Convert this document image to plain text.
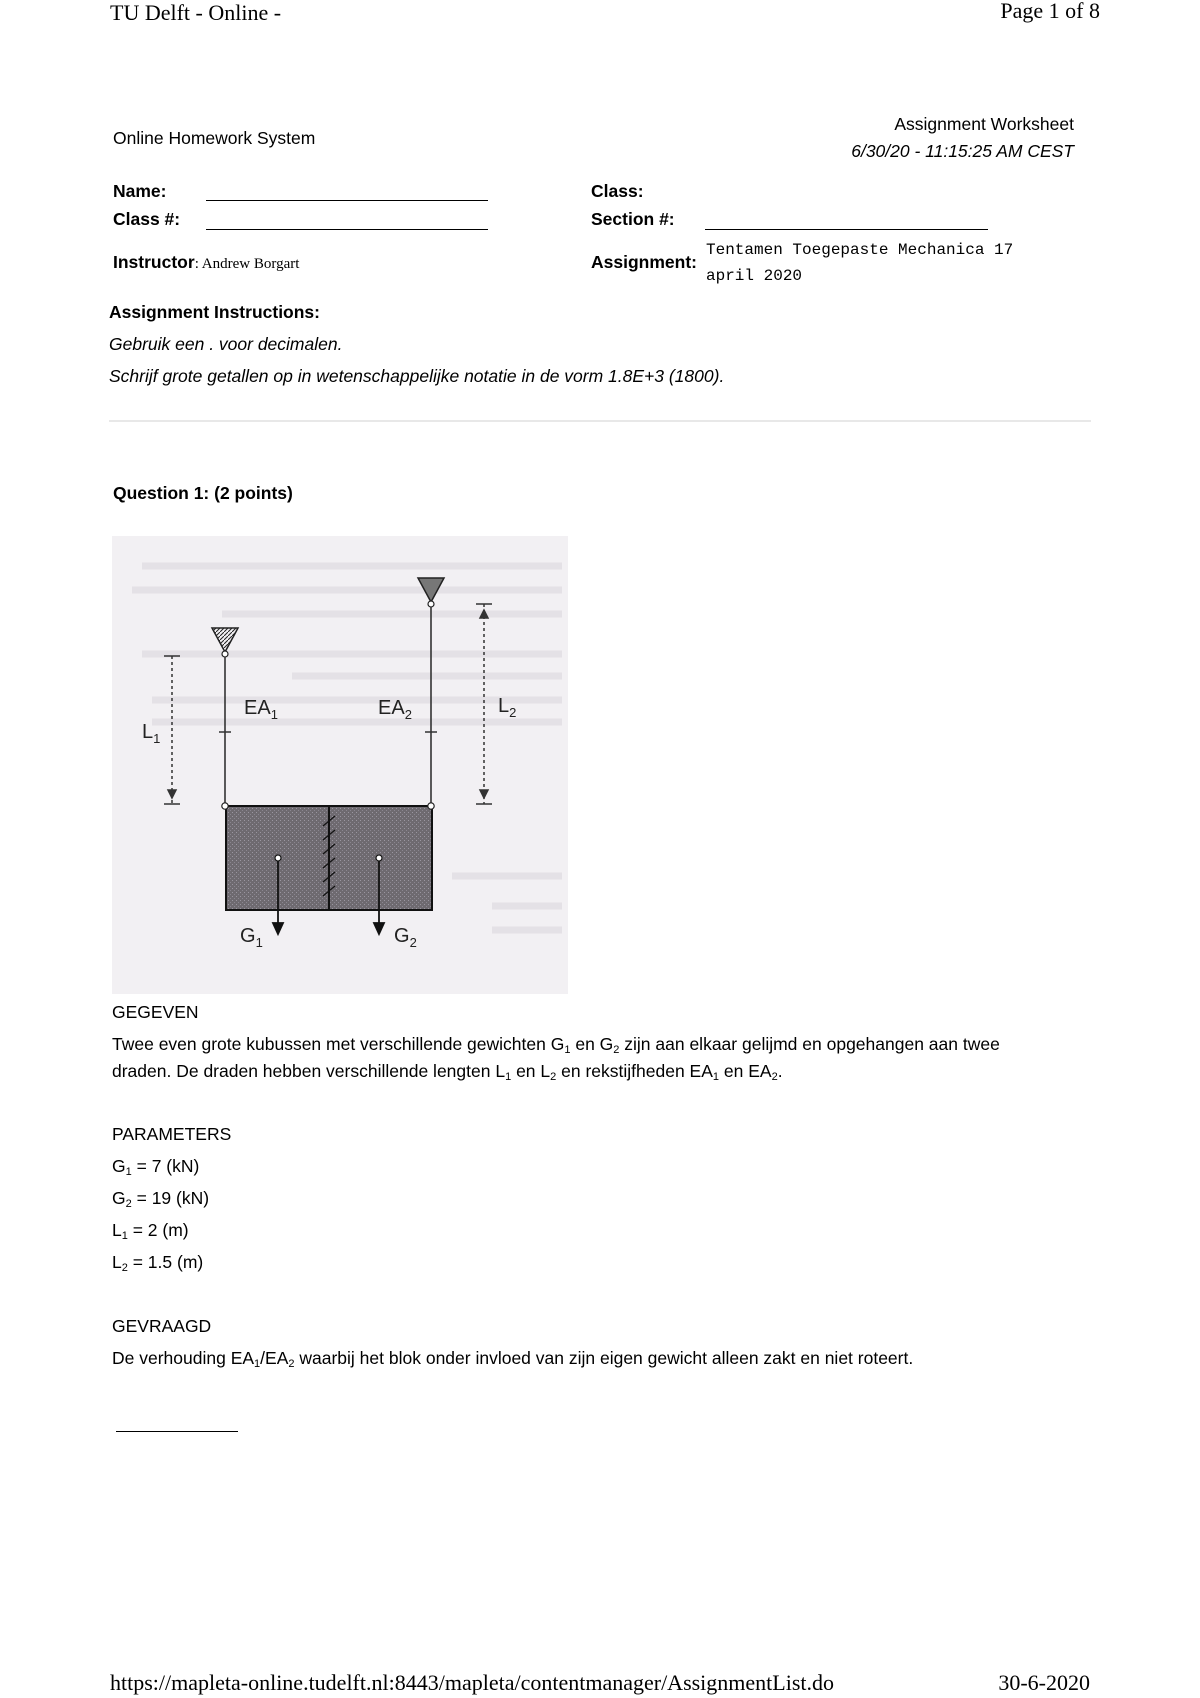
TU Delft - Online -	Page 1 of 8
Online Homework System
Assignment Worksheet
6/30/20 - 11:15:25 AM CEST
Name:
Class #:
Class:
Section #:
Instructor: Andrew Borgart	Assignment:
Tentamen Toegepaste Mechanica 17
april 2020
Assignment Instructions:
Gebruik een . voor decimalen.
Schrijf grote getallen op in wetenschappelijke notatie in de vorm 1.8E+3 (1800).
Question 1: (2 points)
$EA_1$	$EA_2$
$L_1$
$L_2$
$G_1$	$G_2$
GEGEVEN
Twee even grote kubussen met verschillende gewichten $G_1$ en $G_2$ zijn aan elkaar gelijmd en opgehangen aan twee
draden. De draden hebben verschillende lengten $L_1$ en $L_2$ en rekstijfheden $EA_1$ en $EA_2$.
PARAMETERS
$G_1 = 7$ (kN)
$G_2 = 19$ (kN)
$L_1 = 2$ (m)
$L_2 = 1.5$ (m)
GEVRAAGD
De verhouding $EA_1/EA_2$ waarbij het blok onder invloed van zijn eigen gewicht alleen zakt en niet roteert.
https://mapleta-online.tudelft.nl:8443/mapleta/contentmanager/AssignmentList.do	30-6-2020
